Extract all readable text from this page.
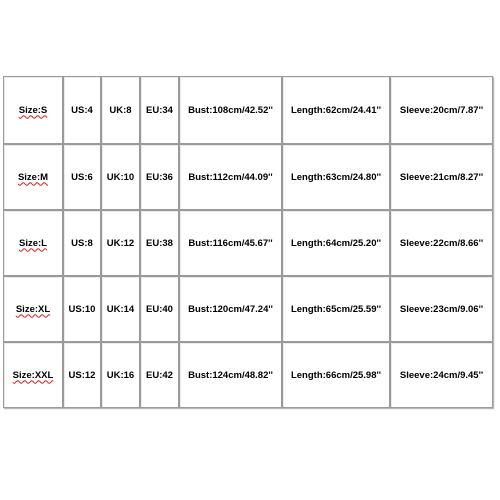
Size:S	US:4	UK:8	EU:34	Bust:108cm/42.52''	Length:62cm/24.41''	Sleeve:20cm/7.87''
Size:M	US:6	UK:10	EU:36	Bust:112cm/44.09''	Length:63cm/24.80''	Sleeve:21cm/8.27''
Size:L	US:8	UK:12	EU:38	Bust:116cm/45.67''	Length:64cm/25.20''	Sleeve:22cm/8.66''
Size:XL	US:10	UK:14	EU:40	Bust:120cm/47.24''	Length:65cm/25.59''	Sleeve:23cm/9.06''
Size:XXL	US:12	UK:16	EU:42	Bust:124cm/48.82''	Length:66cm/25.98''	Sleeve:24cm/9.45''
